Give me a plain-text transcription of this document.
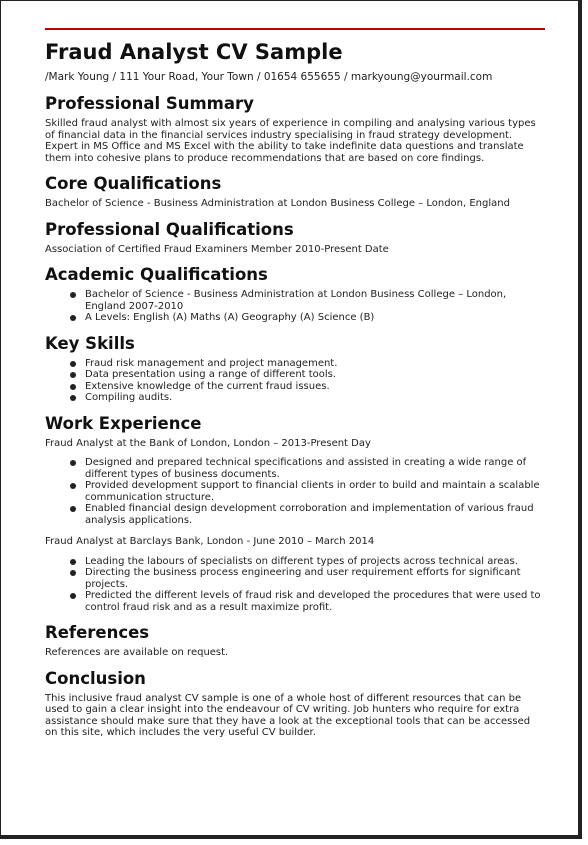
Fraud Analyst CV Sample
/Mark Young / 111 Your Road, Your Town / 01654 655655 / markyoung@yourmail.com
Professional Summary

Skilled fraud analyst with almost six years of experience in compiling and analysing various types of financial data in the financial services industry specialising in fraud strategy development. Expert in MS Office and MS Excel with the ability to take indefinite data questions and translate them into cohesive plans to produce recommendations that are based on core findings.

Core Qualifications

Bachelor of Science - Business Administration at London Business College – London, England

Professional Qualifications

Association of Certified Fraud Examiners Member 2010-Present Date

Academic Qualifications
Bachelor of Science - Business Administration at London Business College – London, England 2007-2010
A Levels: English (A) Maths (A) Geography (A) Science (B)
Key Skills
Fraud risk management and project management.
Data presentation using a range of different tools.
Extensive knowledge of the current fraud issues.
Compiling audits.
Work Experience

Fraud Analyst at the Bank of London, London – 2013-Present Day

Designed and prepared technical specifications and assisted in creating a wide range of different types of business documents.
Provided development support to financial clients in order to build and maintain a scalable communication structure.
Enabled financial design development corroboration and implementation of various fraud analysis applications.

Fraud Analyst at Barclays Bank, London - June 2010 – March 2014

Leading the labours of specialists on different types of projects across technical areas.
Directing the business process engineering and user requirement efforts for significant projects.
Predicted the different levels of fraud risk and developed the procedures that were used to control fraud risk and as a result maximize profit.
References

References are available on request.

Conclusion

This inclusive fraud analyst CV sample is one of a whole host of different resources that can be used to gain a clear insight into the endeavour of CV writing. Job hunters who require for extra assistance should make sure that they have a look at the exceptional tools that can be accessed on this site, which includes the very useful CV builder.
